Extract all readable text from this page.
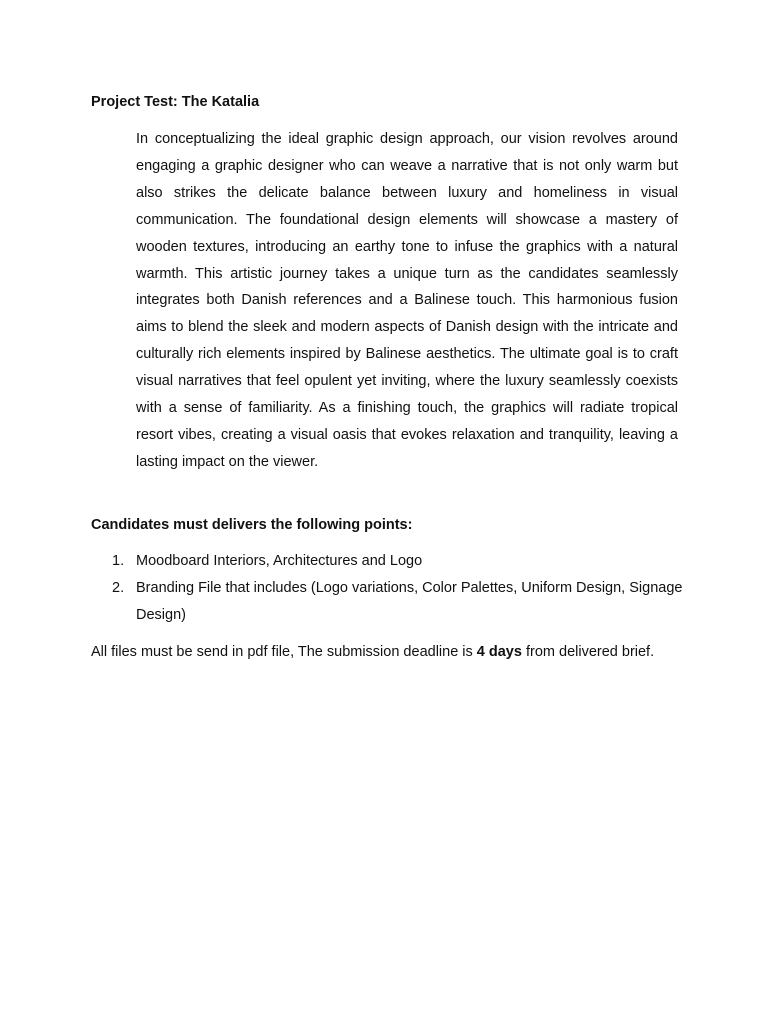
Project Test: The Katalia

In conceptualizing the ideal graphic design approach, our vision revolves around engaging a graphic designer who can weave a narrative that is not only warm but also strikes the delicate balance between luxury and homeliness in visual communication. The foundational design elements will showcase a mastery of wooden textures, introducing an earthy tone to infuse the graphics with a natural warmth. This artistic journey takes a unique turn as the candidates seamlessly integrates both Danish references and a Balinese touch. This harmonious fusion aims to blend the sleek and modern aspects of Danish design with the intricate and culturally rich elements inspired by Balinese aesthetics. The ultimate goal is to craft visual narratives that feel opulent yet inviting, where the luxury seamlessly coexists with a sense of familiarity. As a finishing touch, the graphics will radiate tropical resort vibes, creating a visual oasis that evokes relaxation and tranquility, leaving a lasting impact on the viewer.

Candidates must delivers the following points:
1. Moodboard Interiors, Architectures and Logo
2. Branding File that includes (Logo variations, Color Palettes, Uniform Design, Signage Design)

All files must be send in pdf file, The submission deadline is 4 days from delivered brief.
